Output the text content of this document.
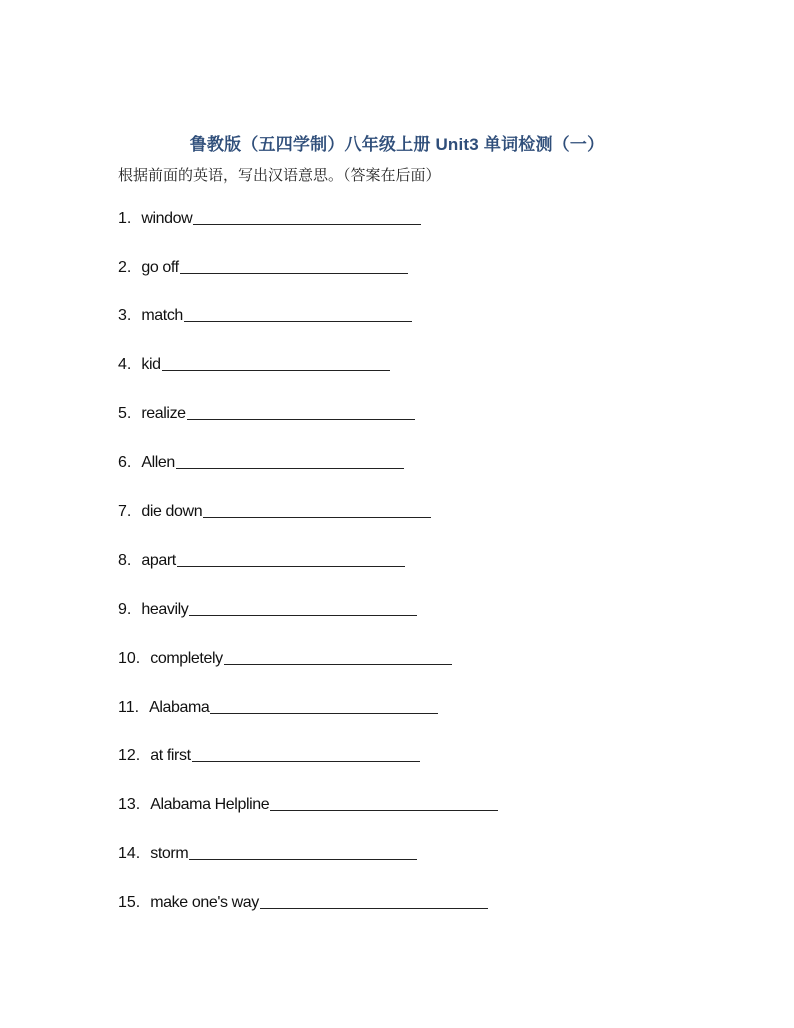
鲁教版（五四学制）八年级上册 Unit3 单词检测（一）
根据前面的英语，写出汉语意思。（答案在后面）
1. window
2. go off
3. match
4. kid
5. realize
6. Allen
7. die down
8. apart
9. heavily
10. completely
11. Alabama
12. at first
13. Alabama Helpline
14. storm
15. make one's way
